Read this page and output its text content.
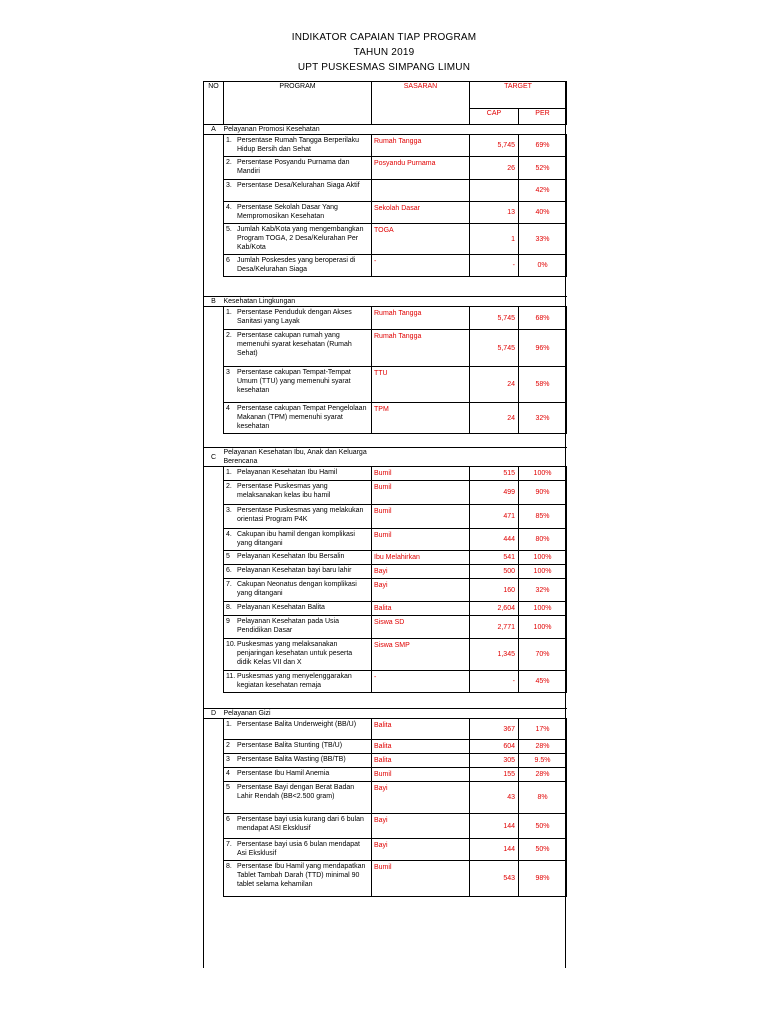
INDIKATOR CAPAIAN TIAP PROGRAM
TAHUN 2019
UPT PUSKESMAS SIMPANG LIMUN
NO	PROGRAM	SASARAN	TARGET	
			CAP	PER
A	Pelayanan Promosi Kesehatan			
	1. Persentase Rumah Tangga Berperilaku Hidup Bersih dan Sehat	Rumah Tangga	5,745	69%
	2. Persentase Posyandu Purnama dan Mandiri	Posyandu Purnama	26	52%
	3. Persentase Desa/Kelurahan Siaga Aktif			42%
	4. Persentase Sekolah Dasar Yang Mempromosikan Kesehatan	Sekolah Dasar	13	40%
	5. Jumlah Kab/Kota yang mengembangkan Program TOGA, 2 Desa/Kelurahan Per Kab/Kota	TOGA	1	33%
	6 Jumlah Poskesdes yang beroperasi di Desa/Kelurahan Siaga	-	-	0%

B	Kesehatan Lingkungan			
	1. Persentase Penduduk dengan Akses Sanitasi yang Layak	Rumah Tangga	5,745	68%
	2. Persentase cakupan rumah yang memenuhi syarat kesehatan (Rumah Sehat)	Rumah Tangga	5,745	96%
	3 Persentase cakupan Tempat-Tempat Umum (TTU) yang memenuhi syarat kesehatan	TTU	24	58%
	4 Persentase cakupan Tempat Pengelolaan Makanan (TPM) memenuhi syarat kesehatan	TPM	24	32%

C	Pelayanan Kesehatan Ibu, Anak dan Keluarga Berencana			
	1. Pelayanan Kesehatan Ibu Hamil	Bumil	515	100%
	2. Persentase Puskesmas yang melaksanakan kelas ibu hamil	Bumil	499	90%
	3. Persentase Puskesmas yang melakukan orientasi Program P4K	Bumil	471	85%
	4. Cakupan ibu hamil dengan komplikasi yang ditangani	Bumil	444	80%
	5 Pelayanan Kesehatan Ibu Bersalin	Ibu Melahirkan	541	100%
	6. Pelayanan Kesehatan bayi baru lahir	Bayi	500	100%
	7. Cakupan Neonatus dengan komplikasi yang ditangani	Bayi	160	32%
	8. Pelayanan Kesehatan Balita	Balita	2,604	100%
	9 Pelayanan Kesehatan pada Usia Pendidikan Dasar	Siswa SD	2,771	100%
	10.Puskesmas yang melaksanakan penjaringan kesehatan untuk peserta didik Kelas VII dan X	Siswa SMP	1,345	70%
	11. Puskesmas yang menyelenggarakan kegiatan kesehatan remaja	-	-	45%

D	Pelayanan Gizi			
	1. Persentase Balita Underweight (BB/U)	Balita	367	17%
	2 Persentase Balita Stunting (TB/U)	Balita	604	28%
	3 Persentase Balita Wasting (BB/TB)	Balita	305	9.5%
	4 Persentase Ibu Hamil Anemia	Bumil	155	28%
	5 Persentase Bayi dengan Berat Badan Lahir Rendah (BB<2.500 gram)	Bayi	43	8%
	6 Persentase bayi usia kurang dari 6 bulan mendapat ASI Eksklusif	Bayi	144	50%
	7. Persentase bayi usia 6 bulan mendapat Asi Eksklusif	Bayi	144	50%
	8. Persentase Ibu Hamil yang mendapatkan Tablet Tambah Darah (TTD) minimal 90 tablet selama kehamilan	Bumil	543	98%
